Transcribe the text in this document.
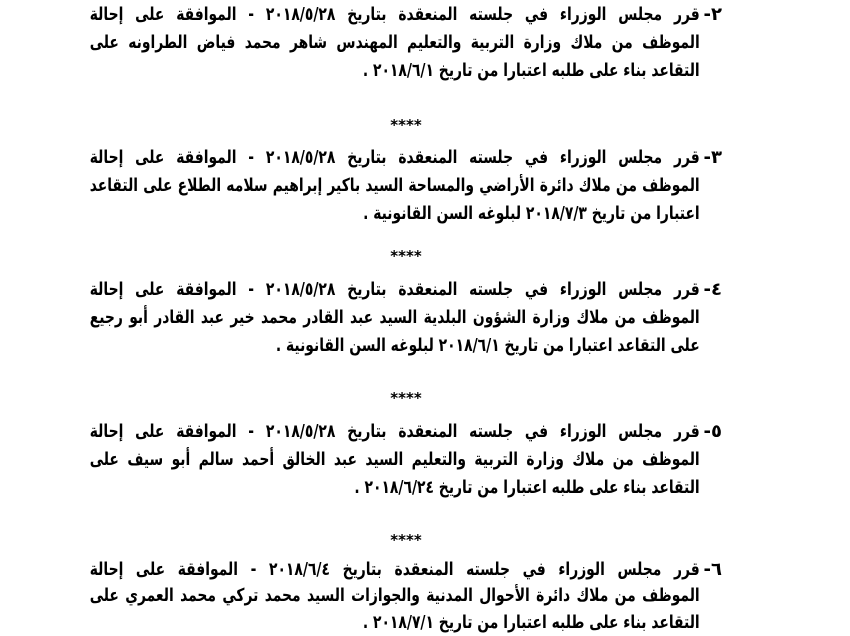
٢-
قرر مجلس الوزراء في جلسته المنعقدة بتاريخ ٢٠١٨/٥/٢٨ - الموافقة على إحالة
الموظف من ملاك وزارة التربية والتعليم المهندس شاهر محمد فياض الطراونه على
التقاعد بناء على طلبه اعتبارا من تاريخ ٢٠١٨/٦/١ .
****
٣-
قرر مجلس الوزراء في جلسته المنعقدة بتاريخ ٢٠١٨/٥/٢٨ - الموافقة على إحالة
الموظف من ملاك دائرة الأراضي والمساحة السيد باكير إبراهيم سلامه الطلاع على التقاعد
اعتبارا من تاريخ ٢٠١٨/٧/٣ لبلوغه السن القانونية .
****
٤-
قرر مجلس الوزراء في جلسته المنعقدة بتاريخ ٢٠١٨/٥/٢٨ - الموافقة على إحالة
الموظف من ملاك وزارة الشؤون البلدية السيد عبد القادر محمد خير عبد القادر أبو رجيع
على التقاعد اعتبارا من تاريخ ٢٠١٨/٦/١ لبلوغه السن القانونية .
****
٥-
قرر مجلس الوزراء في جلسته المنعقدة بتاريخ ٢٠١٨/٥/٢٨ - الموافقة على إحالة
الموظف من ملاك وزارة التربية والتعليم السيد عبد الخالق أحمد سالم أبو سيف على
التقاعد بناء على طلبه اعتبارا من تاريخ ٢٠١٨/٦/٢٤ .
****
٦-
قرر مجلس الوزراء في جلسته المنعقدة بتاريخ ٢٠١٨/٦/٤ - الموافقة على إحالة
الموظف من ملاك دائرة الأحوال المدنية والجوازات السيد محمد تركي محمد العمري على
التقاعد بناء على طلبه اعتبارا من تاريخ ٢٠١٨/٧/١ .
